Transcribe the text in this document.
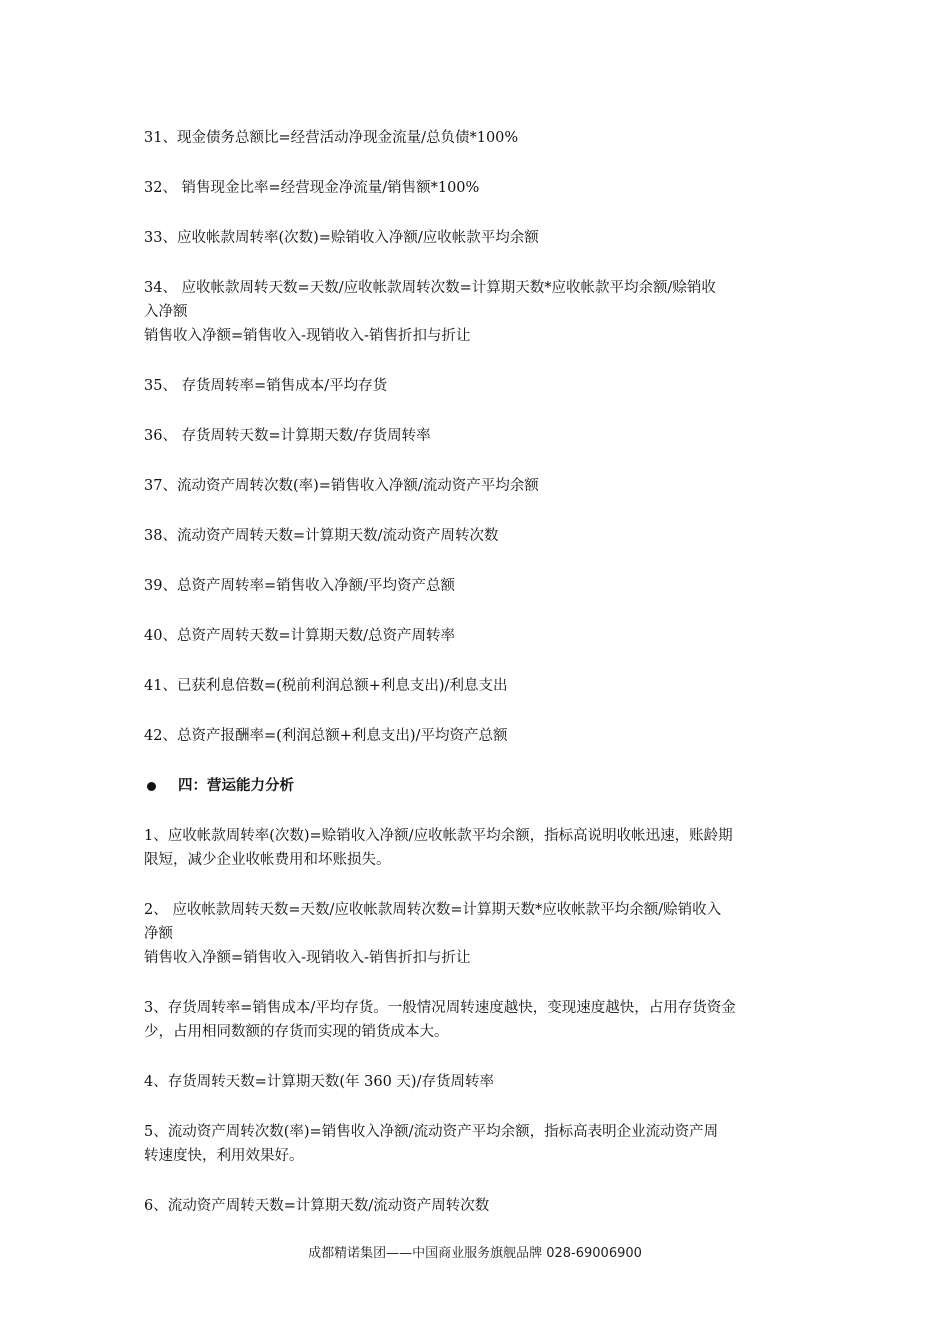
31、现金债务总额比=经营活动净现金流量/总负债*100%
32、 销售现金比率=经营现金净流量/销售额*100%
33、应收帐款周转率(次数)=赊销收入净额/应收帐款平均余额
34、 应收帐款周转天数=天数/应收帐款周转次数=计算期天数*应收帐款平均余额/赊销收
入净额
销售收入净额=销售收入-现销收入-销售折扣与折让
35、 存货周转率=销售成本/平均存货
36、 存货周转天数=计算期天数/存货周转率
37、流动资产周转次数(率)=销售收入净额/流动资产平均余额
38、流动资产周转天数=计算期天数/流动资产周转次数
39、总资产周转率=销售收入净额/平均资产总额
40、总资产周转天数=计算期天数/总资产周转率
41、已获利息倍数=(税前利润总额+利息支出)/利息支出
42、总资产报酬率=(利润总额+利息支出)/平均资产总额
四：营运能力分析
1、应收帐款周转率(次数)=赊销收入净额/应收帐款平均余额，指标高说明收帐迅速，账龄期
限短，减少企业收帐费用和坏账损失。
2、 应收帐款周转天数=天数/应收帐款周转次数=计算期天数*应收帐款平均余额/赊销收入
净额
销售收入净额=销售收入-现销收入-销售折扣与折让
3、存货周转率=销售成本/平均存货。一般情况周转速度越快，变现速度越快，占用存货资金
少，占用相同数额的存货而实现的销货成本大。
4、存货周转天数=计算期天数(年 360 天)/存货周转率
5、流动资产周转次数(率)=销售收入净额/流动资产平均余额，指标高表明企业流动资产周
转速度快，利用效果好。
6、流动资产周转天数=计算期天数/流动资产周转次数
成都精诺集团——中国商业服务旗舰品牌 028-69006900
